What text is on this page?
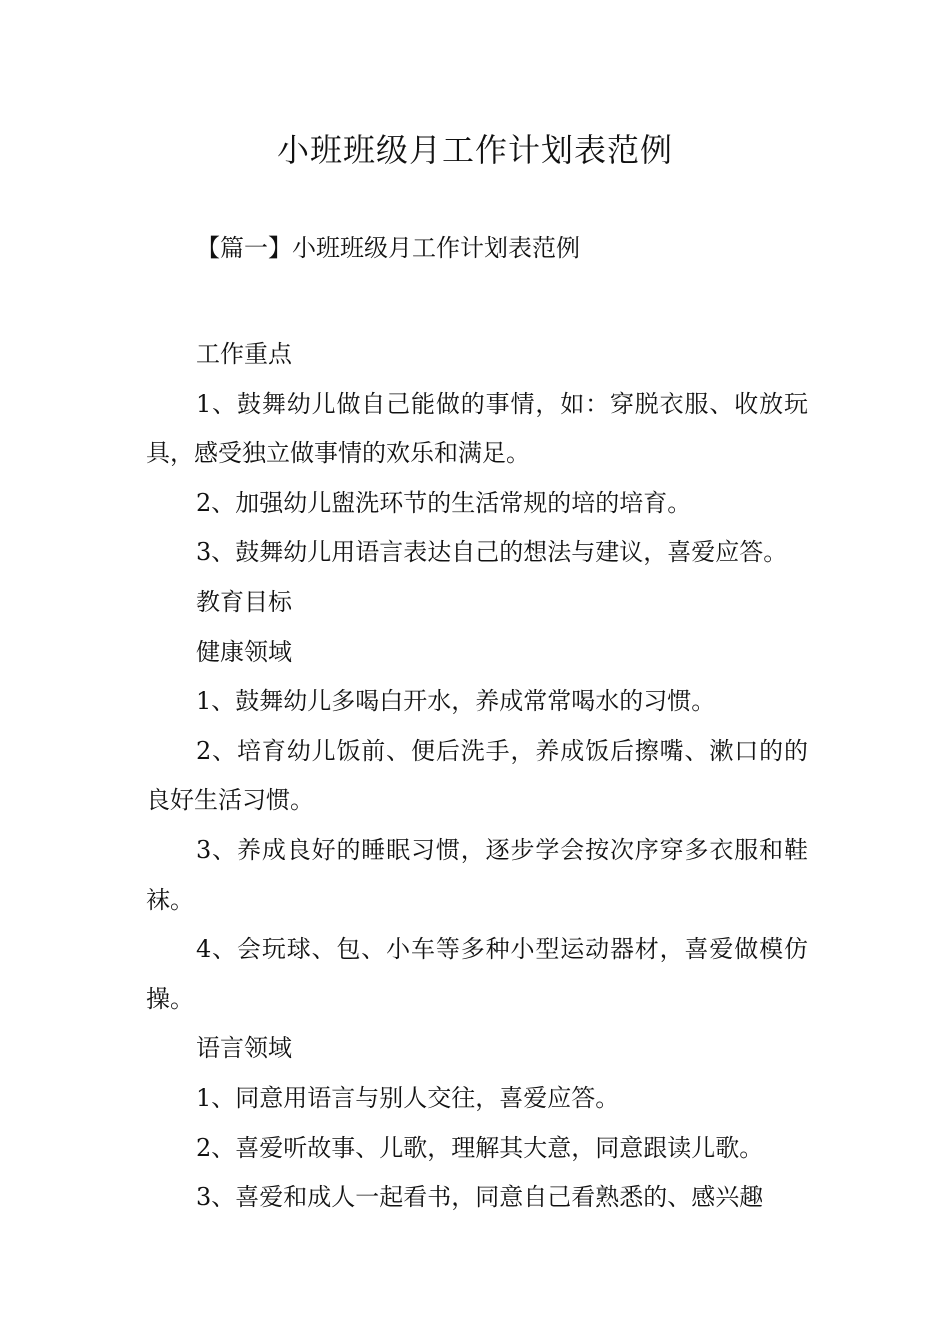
小班班级月工作计划表范例
【篇一】小班班级月工作计划表范例

工作重点

1、鼓舞幼儿做自己能做的事情，如：穿脱衣服、收放玩具，感受独立做事情的欢乐和满足。

2、加强幼儿盥洗环节的生活常规的培的培育。

3、鼓舞幼儿用语言表达自己的想法与建议，喜爱应答。

教育目标

健康领域

1、鼓舞幼儿多喝白开水，养成常常喝水的习惯。

2、培育幼儿饭前、便后洗手，养成饭后擦嘴、漱口的的良好生活习惯。

3、养成良好的睡眠习惯，逐步学会按次序穿多衣服和鞋袜。

4、会玩球、包、小车等多种小型运动器材，喜爱做模仿操。

语言领域

1、同意用语言与别人交往，喜爱应答。

2、喜爱听故事、儿歌，理解其大意，同意跟读儿歌。

3、喜爱和成人一起看书，同意自己看熟悉的、感兴趣
